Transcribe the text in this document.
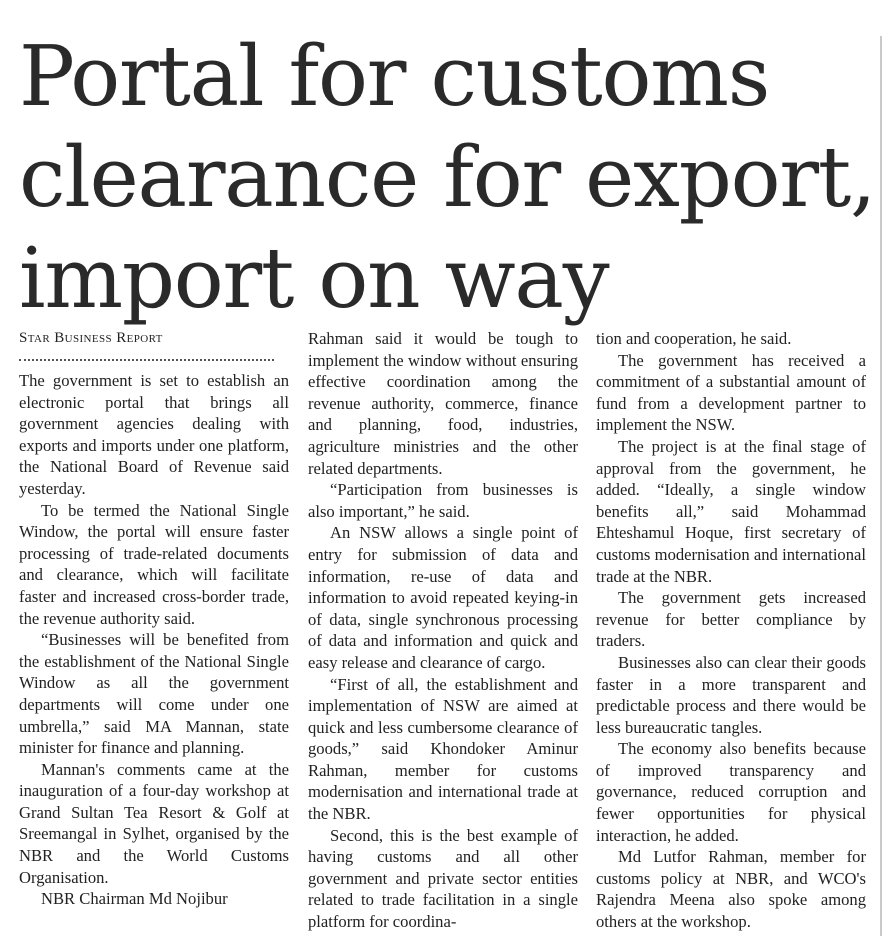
Portal for customs
clearance for export,
import on way
Star Business Report

The government is set to establish an electronic portal that brings all government agencies dealing with exports and imports under one platform, the National Board of Revenue said yesterday.

To be termed the National Single Window, the portal will ensure faster processing of trade-related documents and clearance, which will facilitate faster and increased cross-border trade, the revenue authority said.

“Businesses will be benefited from the establishment of the National Single Window as all the government departments will come under one umbrella,” said MA Mannan, state minister for finance and planning.

Mannan's comments came at the inauguration of a four-day workshop at Grand Sultan Tea Resort & Golf at Sreemangal in Sylhet, organised by the NBR and the World Customs Organisation.

NBR Chairman Md Nojibur

Rahman said it would be tough to implement the window without ensuring effective coordination among the revenue authority, commerce, finance and planning, food, industries, agriculture ministries and the other related departments.

“Participation from businesses is also important,” he said.

An NSW allows a single point of entry for submission of data and information, re-use of data and information to avoid repeated keying-in of data, single synchronous processing of data and information and quick and easy release and clearance of cargo.

“First of all, the establishment and implementation of NSW are aimed at quick and less cumbersome clearance of goods,” said Khondoker Aminur Rahman, member for customs modernisation and international trade at the NBR.

Second, this is the best example of having customs and all other government and private sector entities related to trade facilitation in a single platform for coordina-

tion and cooperation, he said.

The government has received a commitment of a substantial amount of fund from a development partner to implement the NSW.

The project is at the final stage of approval from the government, he added. “Ideally, a single window benefits all,” said Mohammad Ehteshamul Hoque, first secretary of customs modernisation and international trade at the NBR.

The government gets increased revenue for better compliance by traders.

Businesses also can clear their goods faster in a more transparent and predictable process and there would be less bureaucratic tangles.

The economy also benefits because of improved transparency and governance, reduced corruption and fewer opportunities for physical interaction, he added.

Md Lutfor Rahman, member for customs policy at NBR, and WCO's Rajendra Meena also spoke among others at the workshop.
